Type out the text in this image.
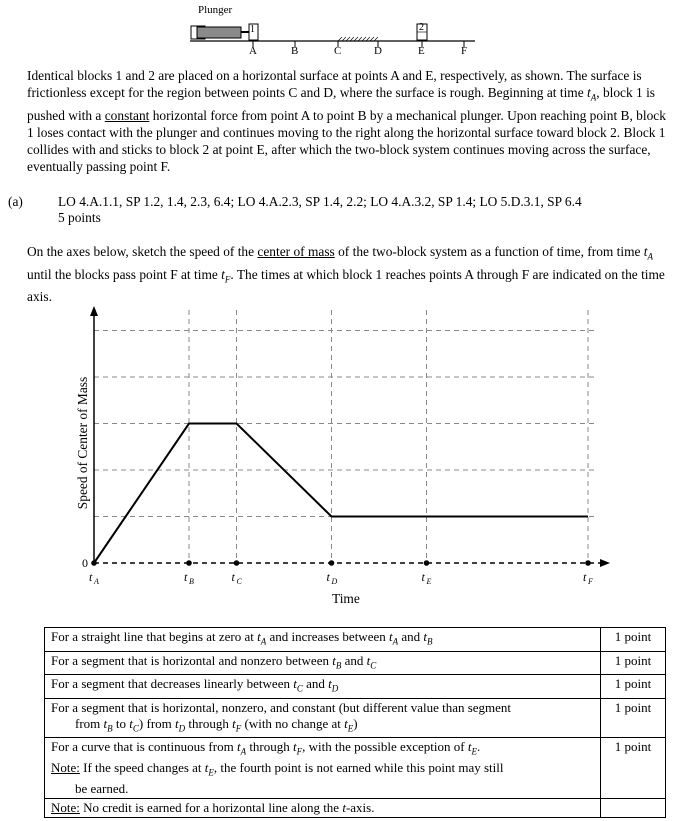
Plunger
1	2
A	B	C	D	E	F
Identical blocks 1 and 2 are placed on a horizontal surface at points A and E, respectively, as shown. The surface is frictionless except for the region between points C and D, where the surface is rough. Beginning at time $t_A$, block 1 is pushed with a constant horizontal force from point A to point B by a mechanical plunger. Upon reaching point B, block 1 loses contact with the plunger and continues moving to the right along the horizontal surface toward block 2. Block 1 collides with and sticks to block 2 at point E, after which the two-block system continues moving across the surface, eventually passing point F.
(a)	LO 4.A.1.1, SP 1.2, 1.4, 2.3, 6.4; LO 4.A.2.3, SP 1.4, 2.2; LO 4.A.3.2, SP 1.4; LO 5.D.3.1, SP 6.4
5 points
On the axes below, sketch the speed of the center of mass of the two-block system as a function of time, from time $t_A$ until the blocks pass point F at time $t_F$. The times at which block 1 reaches points A through F are indicated on the time axis.
t A	t B	t C	t D	t E	t F
0
Time
Speed of Center of Mass
For a straight line that begins at zero at $t_A$ and increases between $t_A$ and $t_B$	1 point
For a segment that is horizontal and nonzero between $t_B$ and $t_C$	1 point
For a segment that decreases linearly between $t_C$ and $t_D$	1 point
For a segment that is horizontal, nonzero, and constant (but different value than segment
from $t_B$ to $t_C$) from $t_D$ through $t_F$ (with no change at $t_E$)	1 point
For a curve that is continuous from $t_A$ through $t_F$, with the possible exception of $t_E$.
Note: If the speed changes at $t_E$, the fourth point is not earned while this point may still
be earned.	1 point
Note: No credit is earned for a horizontal line along the t-axis.	
